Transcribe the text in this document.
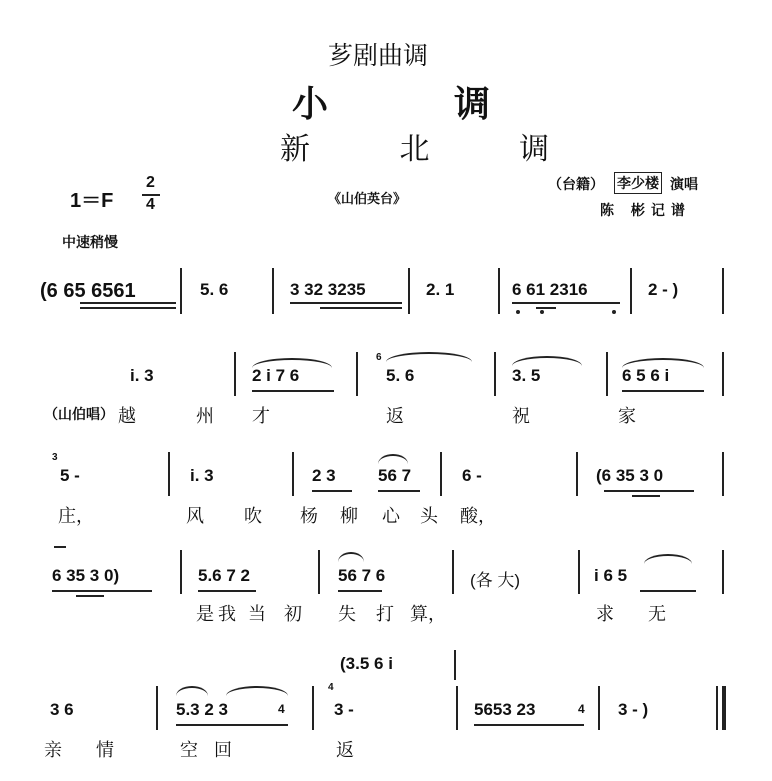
芗剧曲调
小 调
新 北 调
1＝F
2
4	《山伯英台》
（台籍） 李少楼 演唱
陈 彬记谱
中速稍慢
(6 65 6561	5. 6	3 32 3235	2. 1	6 61 2316	2 - )
i. 3	2 i 7 6
6
5. 6	3. 5	6 5 6 i
（山伯唱） 越	州 才	返	祝	家
3
5 -	i. 3	2 3 56 7	6 -	(6 35 3 0
庄，	风 吹 杨 柳 心 头 酸，
6 35 3 0)	5.6 7 2	56 7 6	(各 大)	i 6 5
是 我 当 初 失 打 算，	求 无
(3.5 6 i
3 6	5.3 2 3	4
4
3 -	5653 23	4 3 - )
亲 情	空 回	返
